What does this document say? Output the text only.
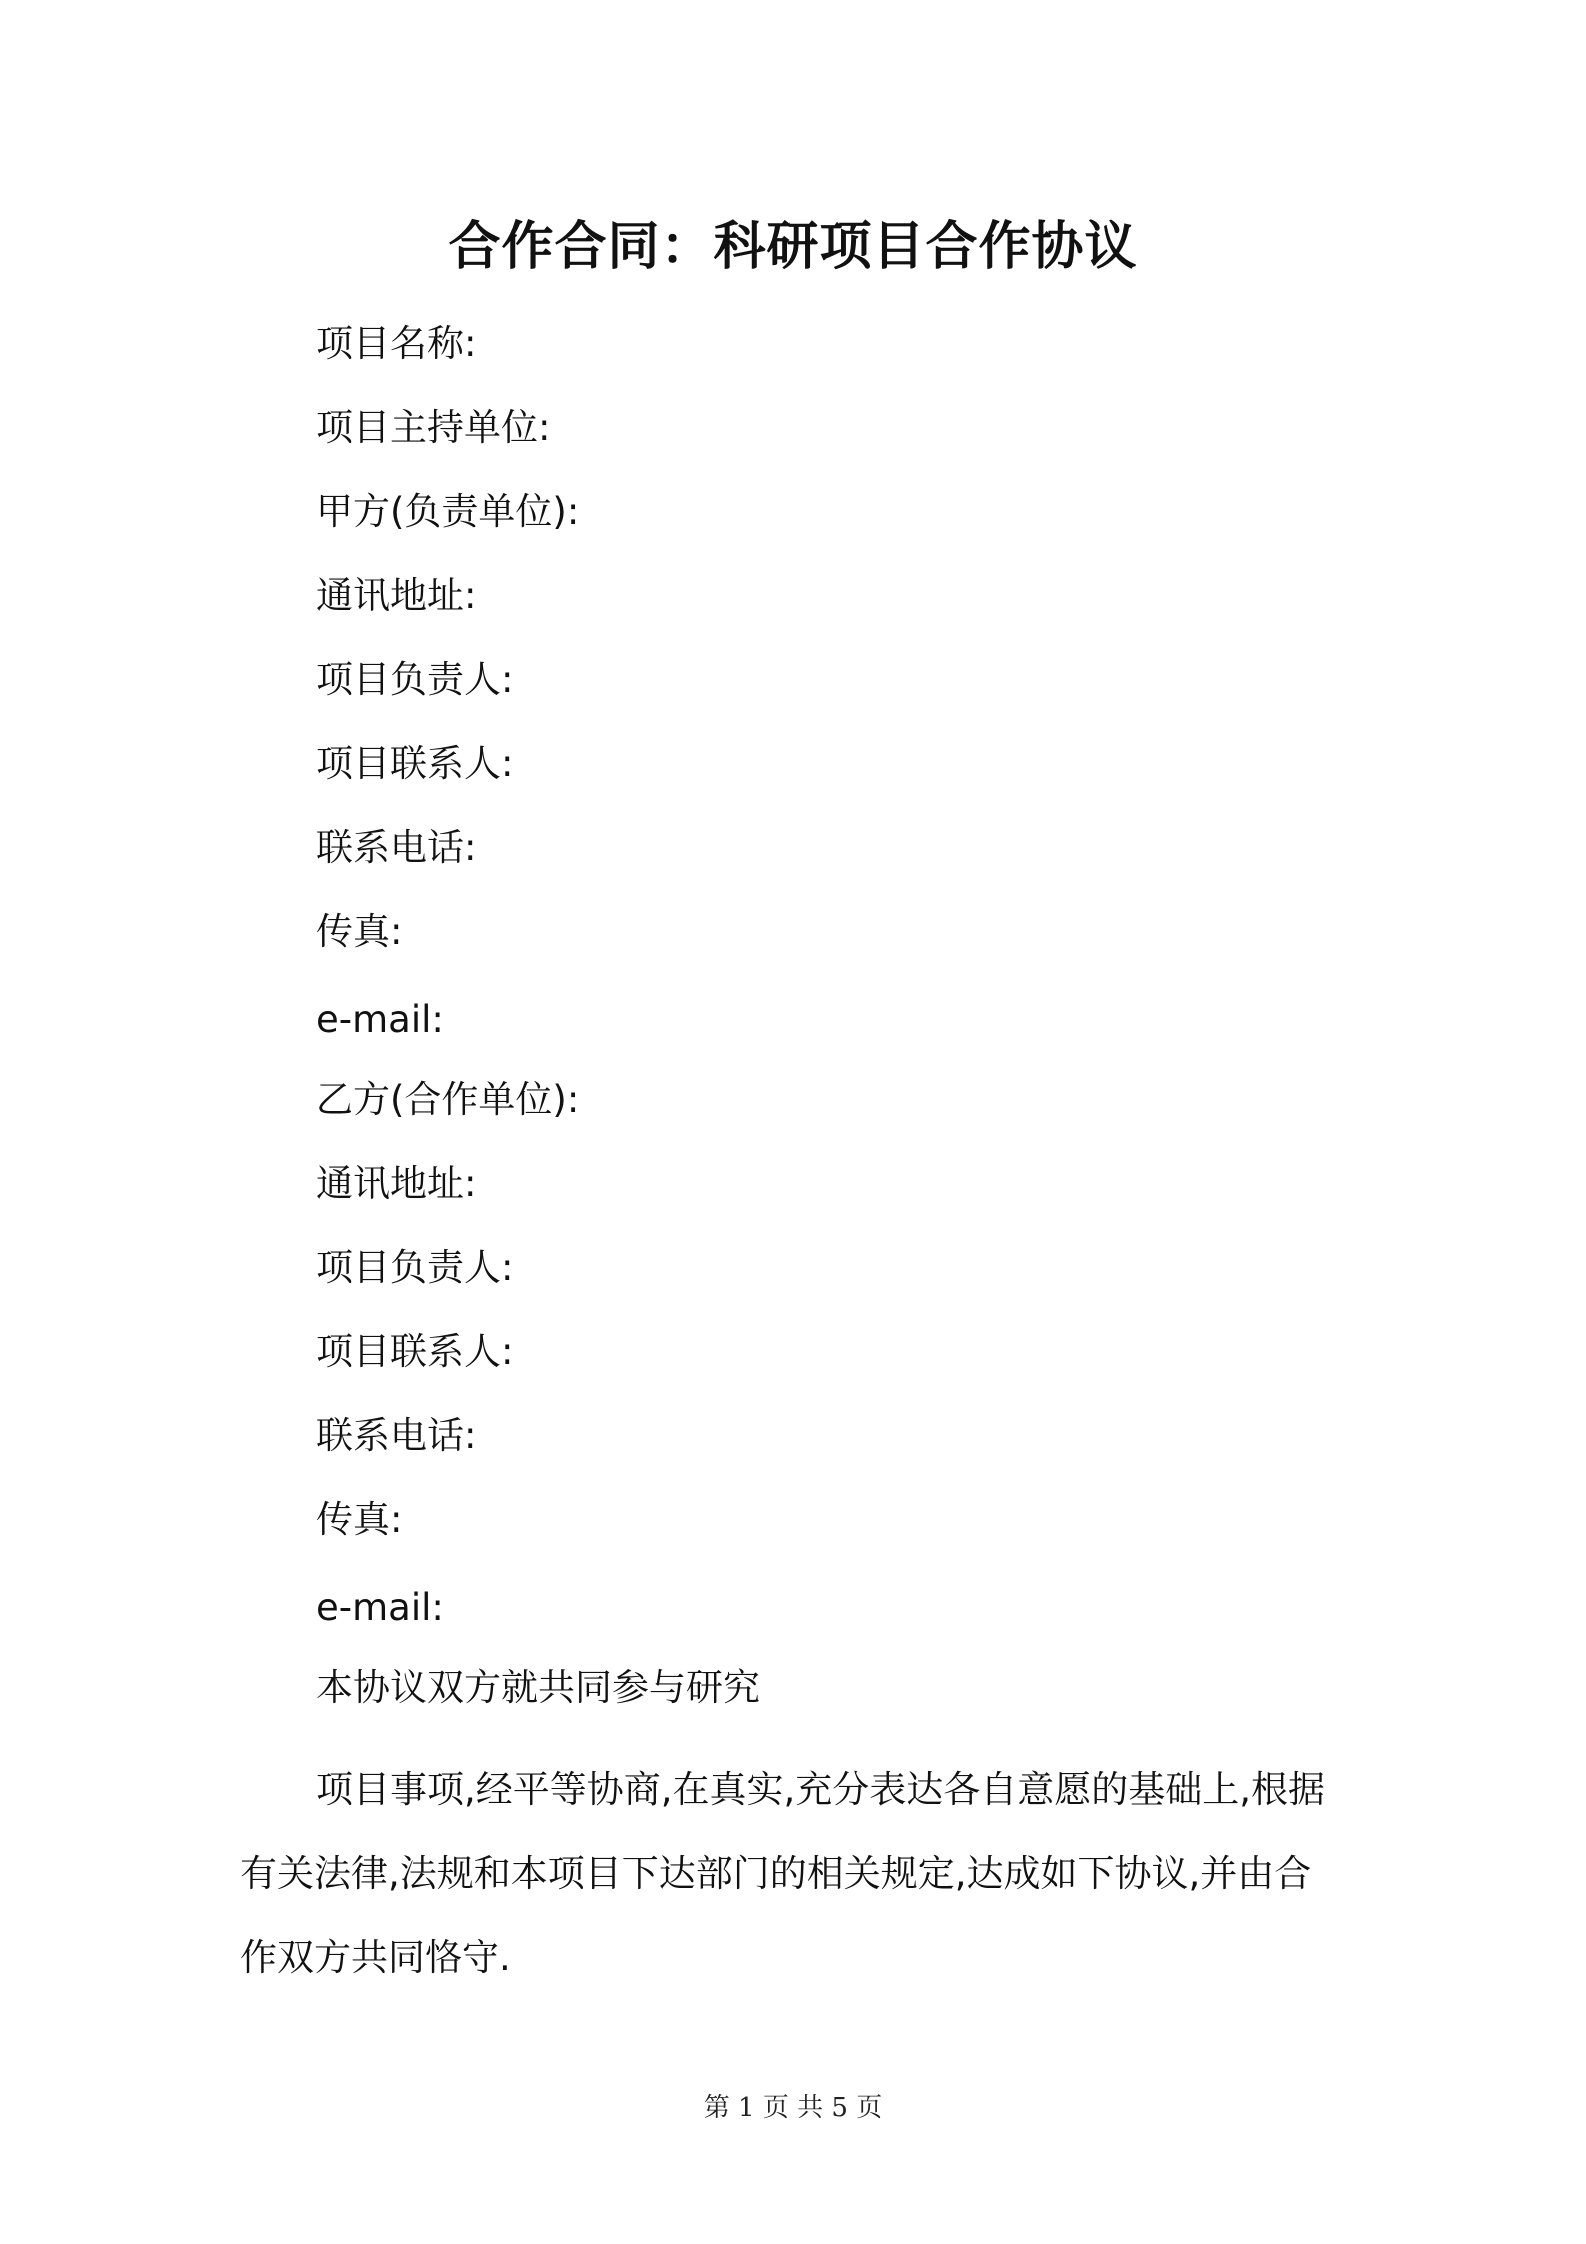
合作合同：科研项目合作协议
项目名称:
项目主持单位:
甲方(负责单位):
通讯地址:
项目负责人:
项目联系人:
联系电话:
传真:
e-mail:
乙方(合作单位):
通讯地址:
项目负责人:
项目联系人:
联系电话:
传真:
e-mail:
本协议双方就共同参与研究
项目事项,经平等协商,在真实,充分表达各自意愿的基础上,根据
有关法律,法规和本项目下达部门的相关规定,达成如下协议,并由合
作双方共同恪守.
第 1 页 共 5 页
